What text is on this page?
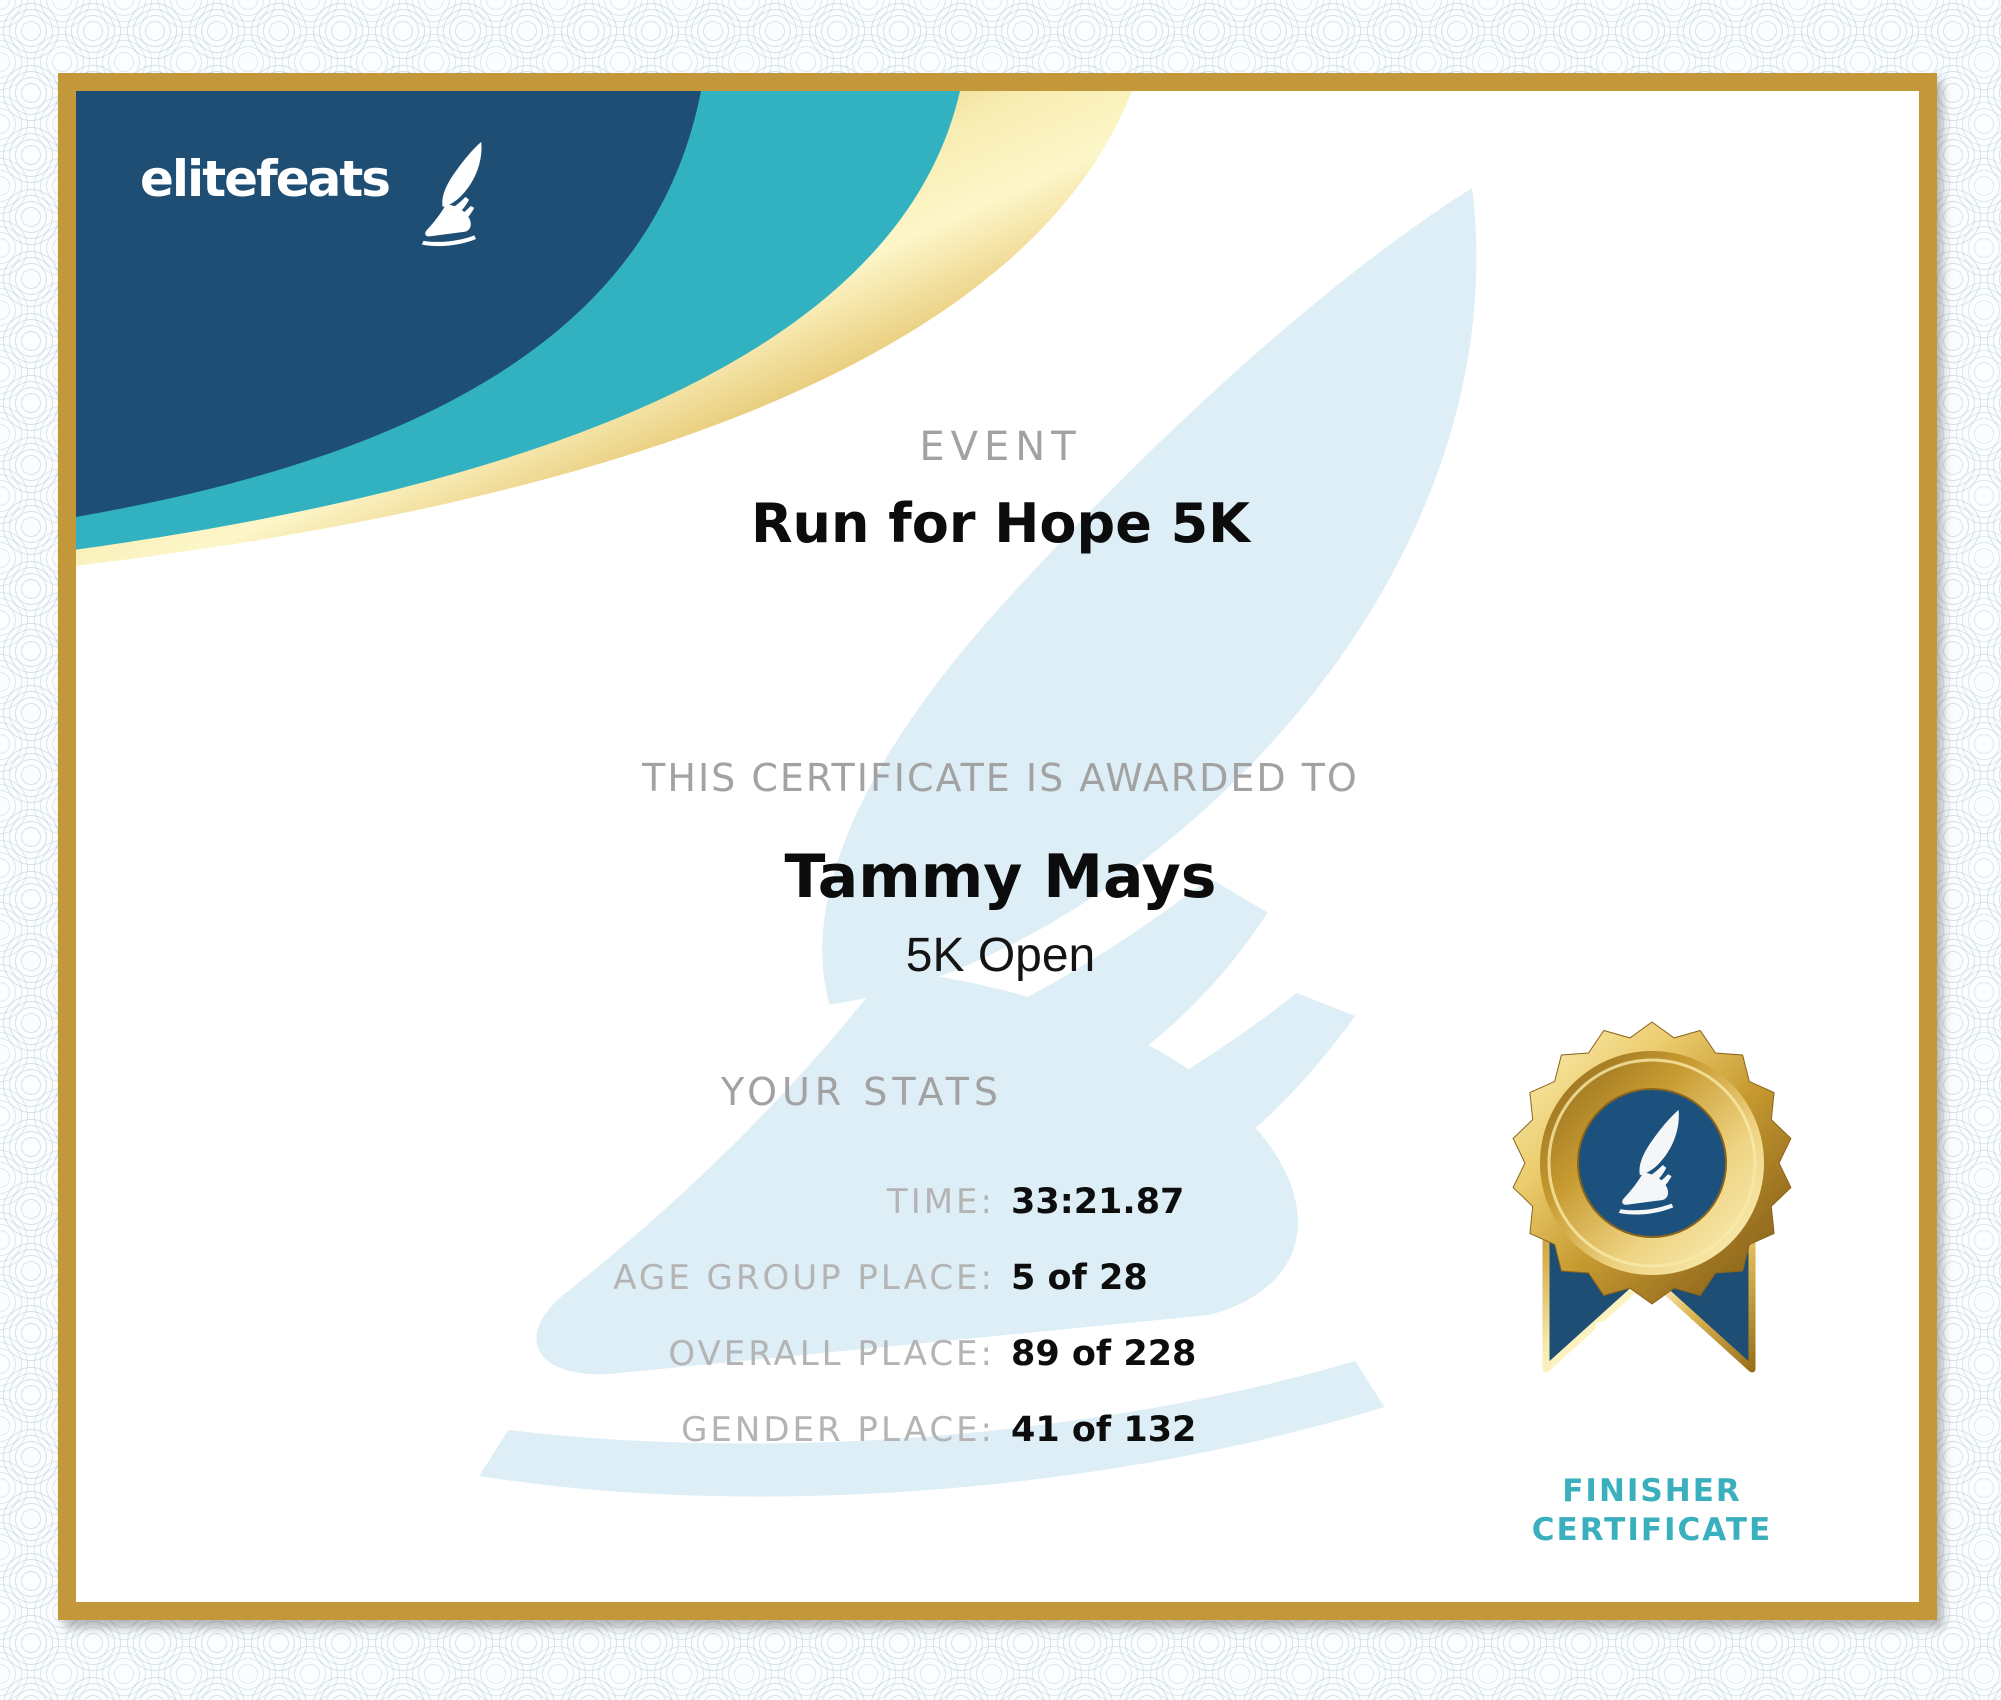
elitefeats
EVENT
Run for Hope 5K
THIS CERTIFICATE IS AWARDED TO
Tammy Mays
5K Open
YOUR STATS
TIME: 33:21.87
AGE GROUP PLACE: 5 of 28
OVERALL PLACE: 89 of 228
GENDER PLACE: 41 of 132
2019
FINISHER
CERTIFICATE
